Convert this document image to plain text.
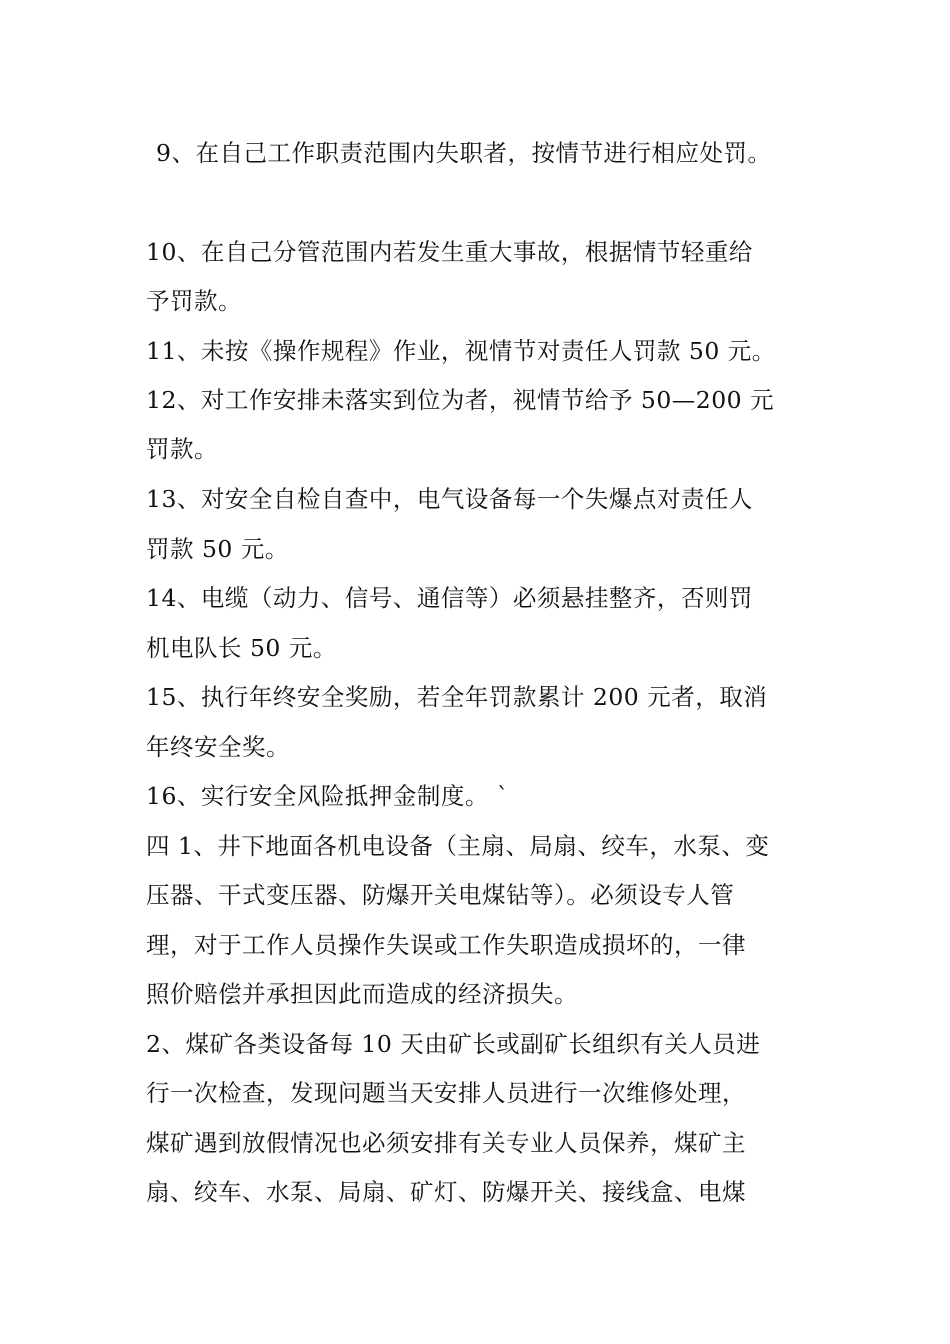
9、在自己工作职责范围内失职者，按情节进行相应处罚。
10、在自己分管范围内若发生重大事故，根据情节轻重给
予罚款。
11、未按《操作规程》作业，视情节对责任人罚款 50 元。
12、对工作安排未落实到位为者，视情节给予 50—200 元
罚款。
13、对安全自检自查中，电气设备每一个失爆点对责任人
罚款 50 元。
14、电缆（动力、信号、通信等）必须悬挂整齐，否则罚
机电队长 50 元。
15、执行年终安全奖励，若全年罚款累计 200 元者，取消
年终安全奖。
16、实行安全风险抵押金制度。 `
四 1、井下地面各机电设备（主扇、局扇、绞车，水泵、变
压器、干式变压器、防爆开关电煤钻等）。必须设专人管
理，对于工作人员操作失误或工作失职造成损坏的，一律
照价赔偿并承担因此而造成的经济损失。
2、煤矿各类设备每 10 天由矿长或副矿长组织有关人员进
行一次检查，发现问题当天安排人员进行一次维修处理，
煤矿遇到放假情况也必须安排有关专业人员保养，煤矿主
扇、绞车、水泵、局扇、矿灯、防爆开关、接线盒、电煤
